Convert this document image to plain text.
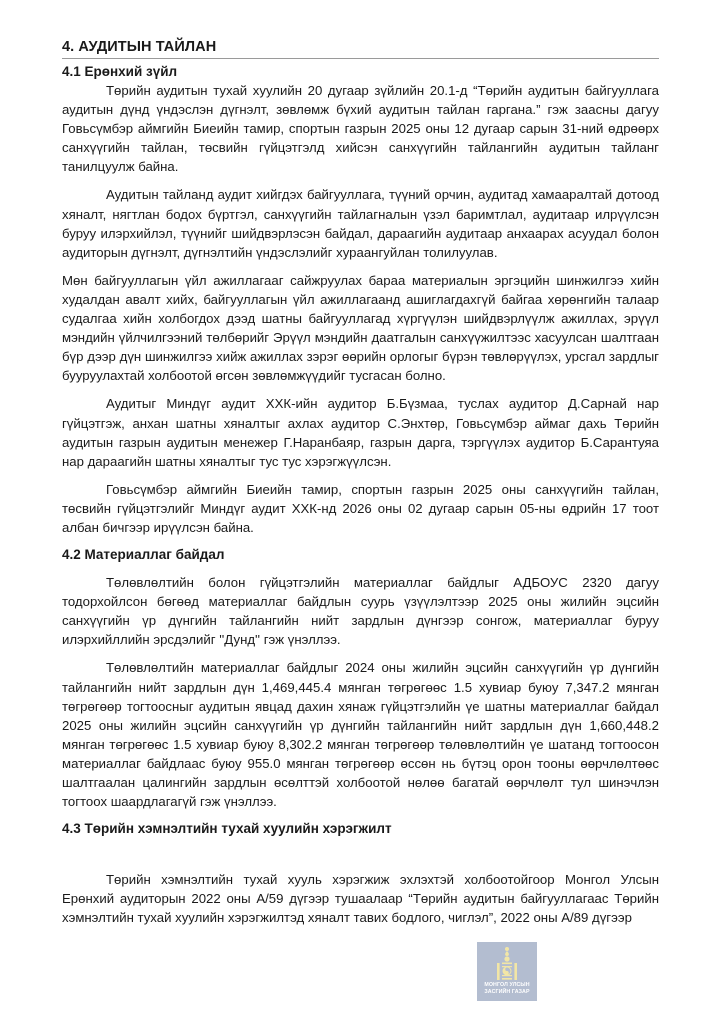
4. АУДИТЫН ТАЙЛАН
4.1 Ерөнхий зүйл

Төрийн аудитын тухай хуулийн 20 дугаар зүйлийн 20.1-д “Төрийн аудитын байгууллага аудитын дүнд үндэслэн дүгнэлт, зөвлөмж бүхий аудитын тайлан гаргана.” гэж заасны дагуу Говьсүмбэр аймгийн Биеийн тамир, спортын газрын 2025 оны 12 дугаар сарын 31-ний өдрөөрх санхүүгийн тайлан, төсвийн гүйцэтгэлд хийсэн санхүүгийн тайлангийн аудитын тайланг танилцуулж байна.

Аудитын тайланд аудит хийгдэх байгууллага, түүний орчин, аудитад хамааралтай дотоод хяналт, нягтлан бодох бүртгэл, санхүүгийн тайлагналын үзэл баримтлал, аудитаар илрүүлсэн буруу илэрхийлэл, түүнийг шийдвэрлэсэн байдал, дараагийн аудитаар анхаарах асуудал болон аудиторын дүгнэлт, дүгнэлтийн үндэслэлийг хураангуйлан толилуулав.

Мөн байгууллагын үйл ажиллагааг сайжруулах бараа материалын эргэцийн шинжилгээ хийн худалдан авалт хийх, байгууллагын үйл ажиллагаанд ашиглагдахгүй байгаа хөрөнгийн талаар судалгаа хийн холбогдох дээд шатны байгууллагад хүргүүлэн шийдвэрлүүлж ажиллах, эрүүл мэндийн үйлчилгээний төлбөрийг Эрүүл мэндийн даатгалын санхүүжилтээс хасуулсан шалтгаан бүр дээр дүн шинжилгээ хийж ажиллах зэрэг өөрийн орлогыг бүрэн төвлөрүүлэх, урсгал зардлыг бууруулахтай холбоотой өгсөн зөвлөмжүүдийг тусгасан болно.

Аудитыг Миндүг аудит ХХК-ийн аудитор Б.Бүзмаа, туслах аудитор Д.Сарнай нар гүйцэтгэж, анхан шатны хяналтыг ахлах аудитор С.Энхтөр, Говьсүмбэр аймаг дахь Төрийн аудитын газрын аудитын менежер Г.Наранбаяр, газрын дарга, тэргүүлэх аудитор Б.Сарантуяа нар дараагийн шатны хяналтыг тус тус хэрэгжүүлсэн.

Говьсүмбэр аймгийн Биеийн тамир, спортын газрын 2025 оны санхүүгийн тайлан, төсвийн гүйцэтгэлийг Миндүг аудит ХХК-нд 2026 оны 02 дугаар сарын 05-ны өдрийн 17 тоот албан бичгээр ирүүлсэн байна.

4.2 Материаллаг байдал

Төлөвлөлтийн болон гүйцэтгэлийн материаллаг байдлыг АДБОУС 2320 дагуу тодорхойлсон бөгөөд материаллаг байдлын суурь үзүүлэлтээр 2025 оны жилийн эцсийн санхүүгийн үр дүнгийн тайлангийн нийт зардлын дүнгээр сонгож, материаллаг буруу илэрхийллийн эрсдэлийг ''Дунд'' гэж үнэллээ.

Төлөвлөлтийн материаллаг байдлыг 2024 оны жилийн эцсийн санхүүгийн үр дүнгийн тайлангийн нийт зардлын дүн 1,469,445.4 мянган төгрөгөөс 1.5 хувиар буюу 7,347.2 мянган төгрөгөөр тогтоосныг аудитын явцад дахин хянаж гүйцэтгэлийн үе шатны материаллаг байдал 2025 оны жилийн эцсийн санхүүгийн үр дүнгийн тайлангийн нийт зардлын дүн 1,660,448.2 мянган төгрөгөөс 1.5 хувиар буюу 8,302.2 мянган төгрөгөөр төлөвлөлтийн үе шатанд тогтоосон материаллаг байдлаас буюу 955.0 мянган төгрөгөөр өссөн нь бүтэц орон тооны өөрчлөлтөөс шалтгаалан цалингийн зардлын өсөлттэй холбоотой нөлөө багатай өөрчлөлт тул шинэчлэн тогтоох шаардлагагүй гэж үнэллээ.

4.3 Төрийн хэмнэлтийн тухай хуулийн хэрэгжилт

Төрийн хэмнэлтийн тухай хууль хэрэгжиж эхлэхтэй холбоотойгоор Монгол Улсын Ерөнхий аудиторын 2022 оны А/59 дүгээр тушаалаар “Төрийн аудитын байгууллагаас Төрийн хэмнэлтийн тухай хуулийн хэрэгжилтэд хяналт тавих бодлого, чиглэл”, 2022 оны А/89 дүгээр

МОНГОЛ УЛСЫН
ЗАСГИЙН ГАЗАР
